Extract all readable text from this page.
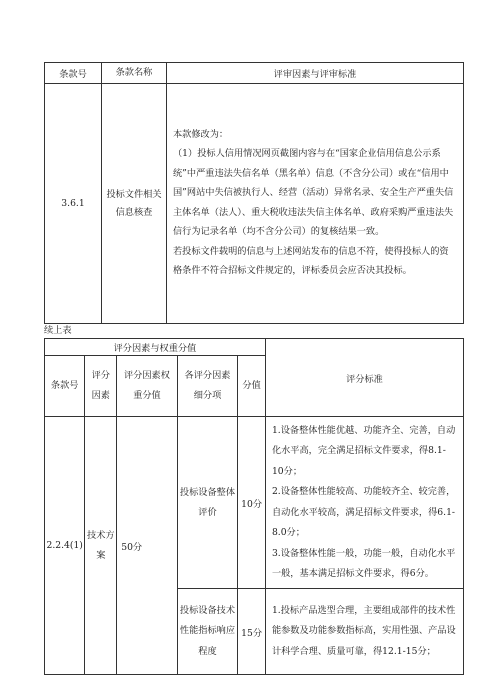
条款号	条款名称	评审因素与评审标准
3.6.1	投标文件相关信息核查	本款修改为：

（1）投标人信用情况网页截图内容与在“国家企业信用信息公示系统”中严重违法失信名单（黑名单）信息（不含分公司）或在“信用中国”网站中失信被执行人、经营（活动）异常名录、安全生产严重失信主体名单（法人）、重大税收违法失信主体名单、政府采购严重违法失信行为记录名单（均不含分公司）的复核结果一致。

若投标文件载明的信息与上述网站发布的信息不符，使得投标人的资格条件不符合招标文件规定的，评标委员会应否决其投标。

续上表
评分因素与权重分值					评分标准
条款号	评分因素	评分因素权重分值	各评分因素细分项	分值	
2.2.4(1)	技术方案	50分	投标设备整体评价	10分	1.设备整体性能优越、功能齐全、完善，自动化水平高，完全满足招标文件要求，得8.1-10分；

2.设备整体性能较高、功能较齐全、较完善，自动化水平较高，满足招标文件要求，得6.1-8.0分；

3.设备整体性能一般，功能一般，自动化水平一般，基本满足招标文件要求，得6分。

			投标设备技术性能指标响应程度	15分	1.投标产品选型合理，主要组成部件的技术性能参数及功能参数指标高，实用性强、产品设计科学合理、质量可靠，得12.1-15分；
